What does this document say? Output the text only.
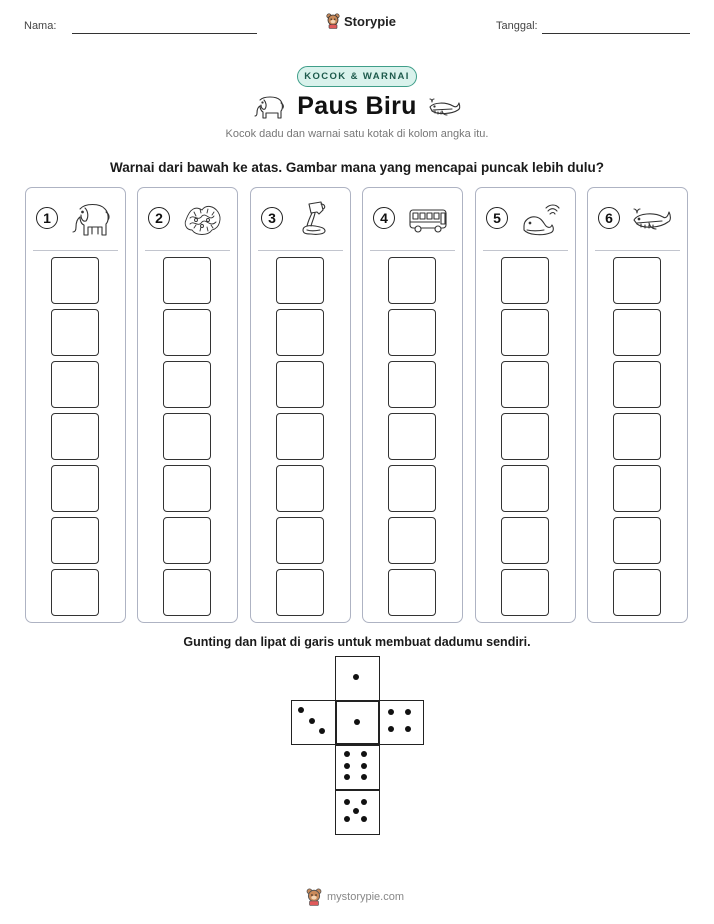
Nama:	Storypie	Tanggal:
KOCOK & WARNAI
Paus Biru
Kocok dadu dan warnai satu kotak di kolom angka itu.
Warnai dari bawah ke atas. Gambar mana yang mencapai puncak lebih dulu?
1	2	3	4	5	6
Gunting dan lipat di garis untuk membuat dadumu sendiri.
mystorypie.com
